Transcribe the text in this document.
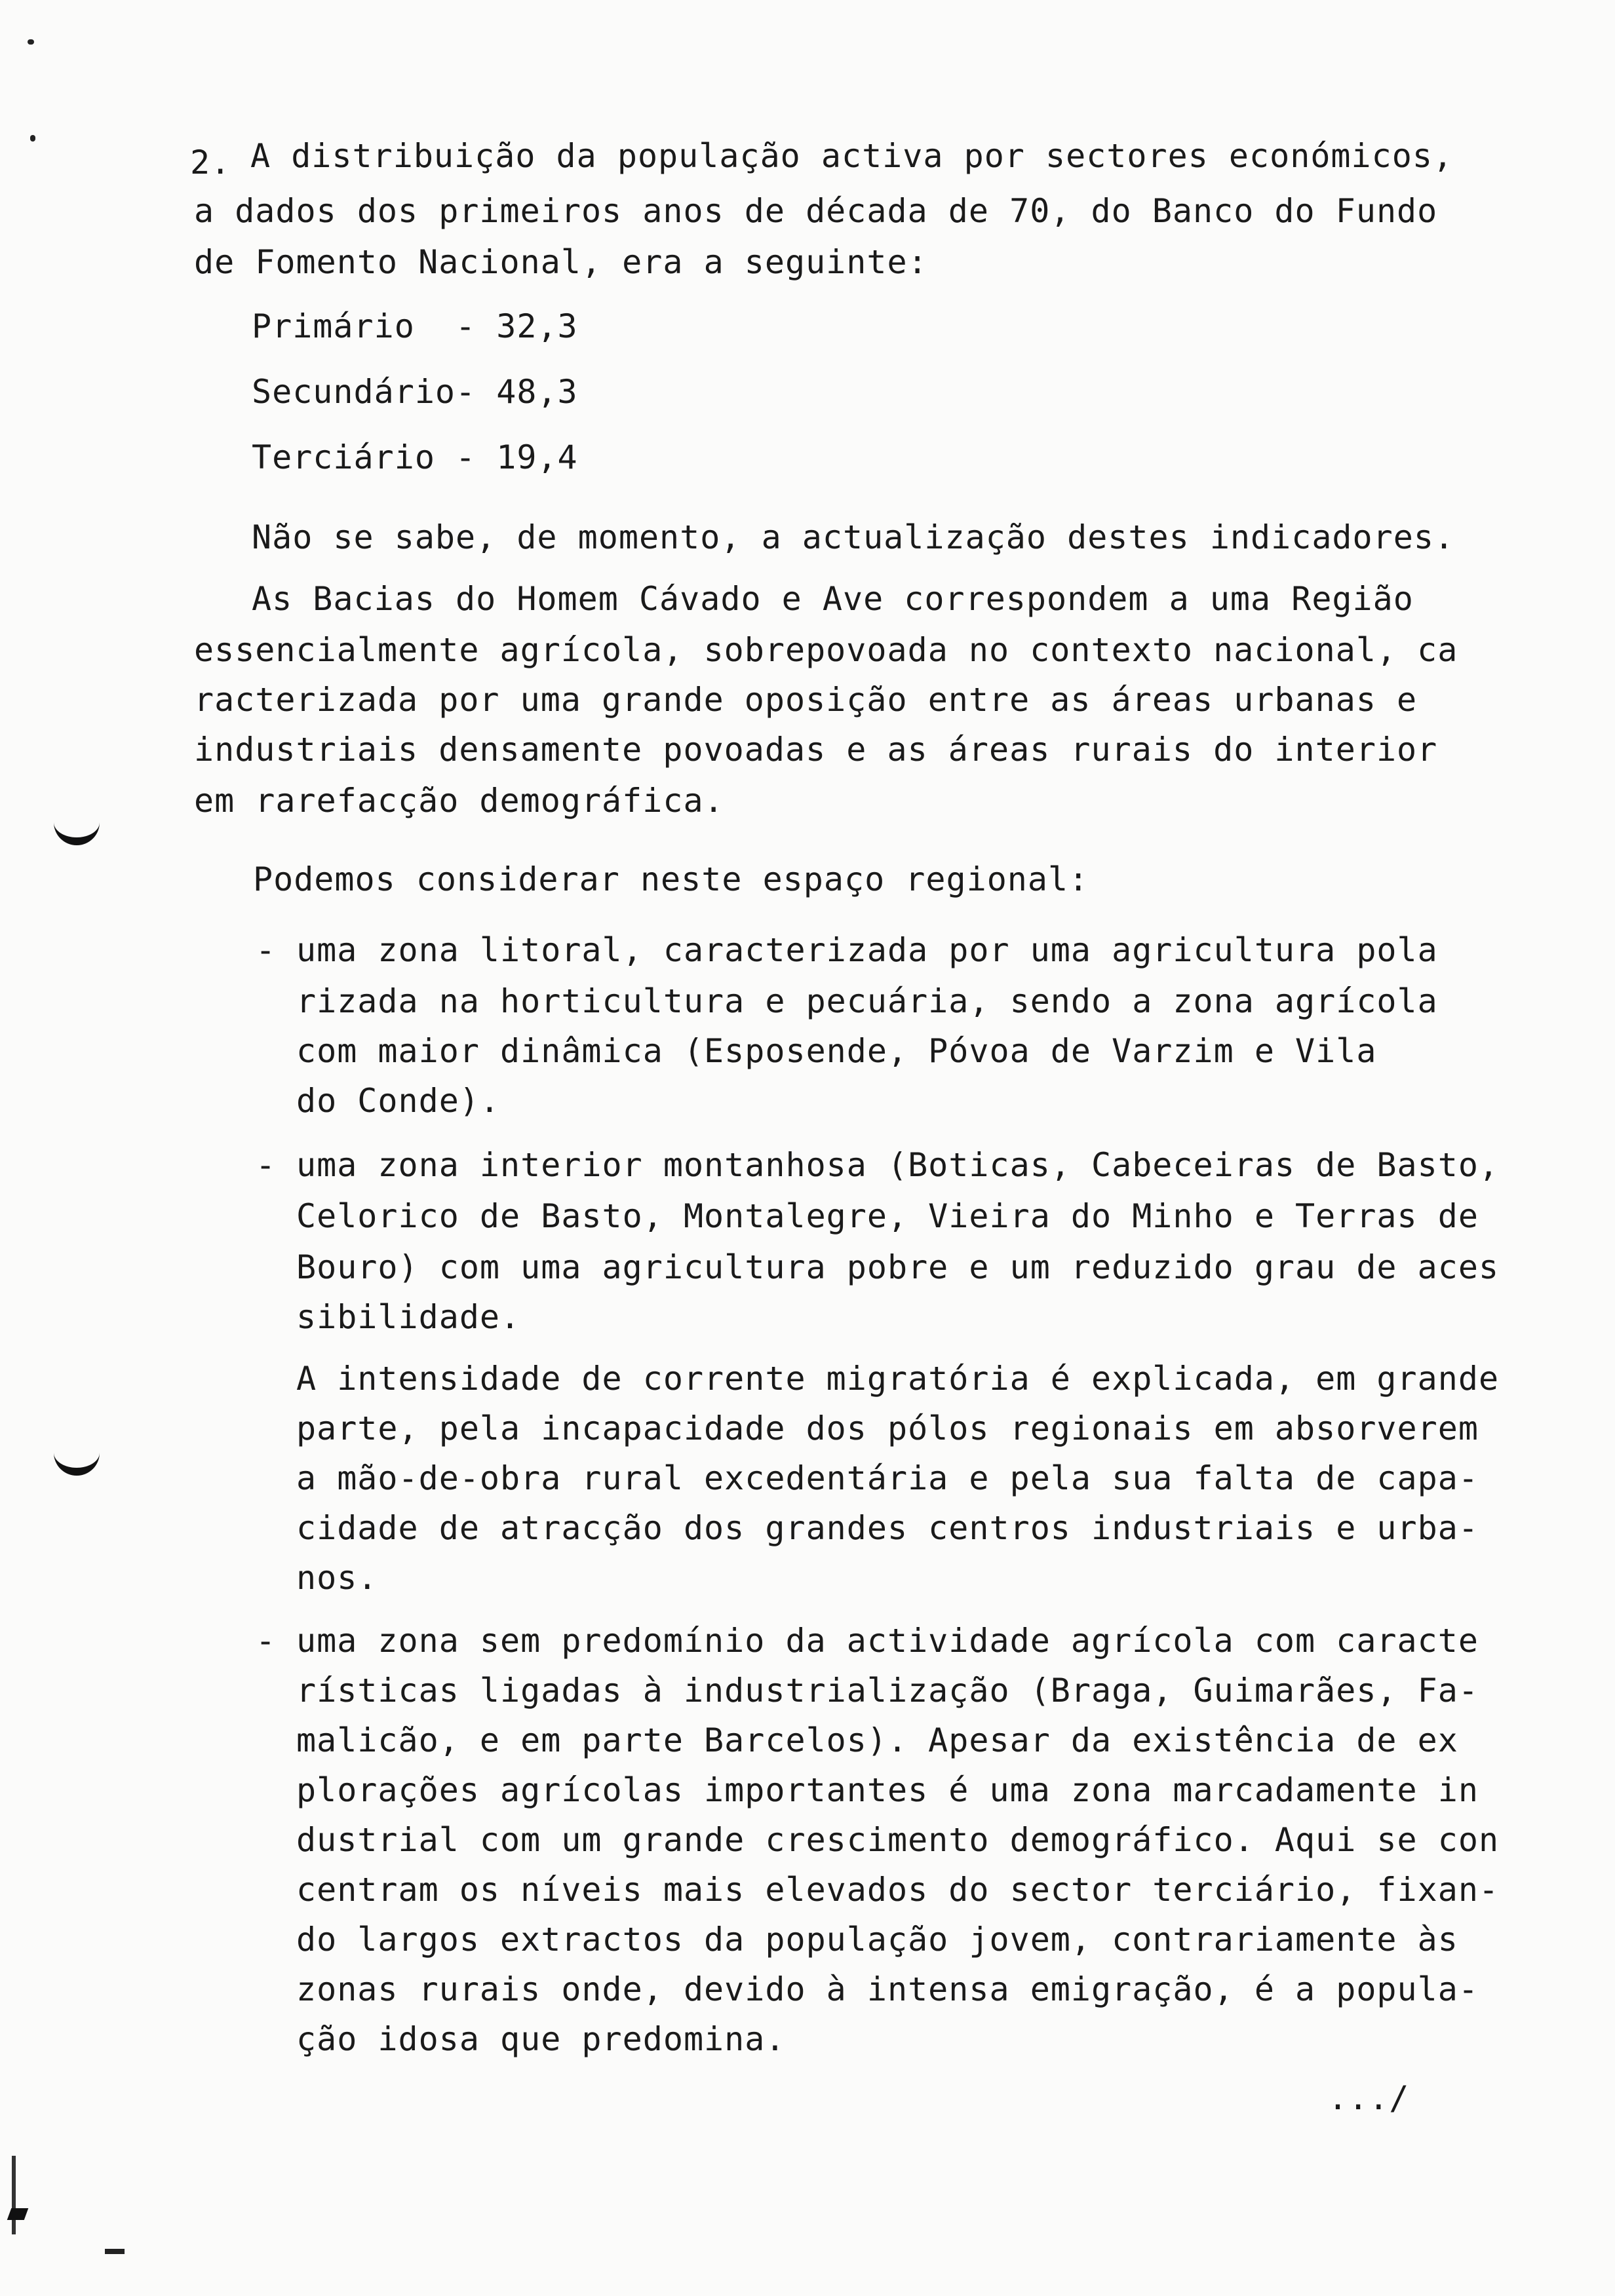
2. A distribuição da população activa por sectores económicos,
a dados dos primeiros anos de década de 70, do Banco do Fundo
de Fomento Nacional, era a seguinte:
Primário  - 32,3
Secundário- 48,3
Terciário - 19,4
Não se sabe, de momento, a actualização destes indicadores.
As Bacias do Homem Cávado e Ave correspondem a uma Região
essencialmente agrícola, sobrepovoada no contexto nacional, ca
racterizada por uma grande oposição entre as áreas urbanas e
industriais densamente povoadas e as áreas rurais do interior
em rarefacção demográfica.
Podemos considerar neste espaço regional:
- uma zona litoral, caracterizada por uma agricultura pola
rizada na horticultura e pecuária, sendo a zona agrícola
com maior dinâmica (Esposende, Póvoa de Varzim e Vila
do Conde).
- uma zona interior montanhosa (Boticas, Cabeceiras de Basto,
Celorico de Basto, Montalegre, Vieira do Minho e Terras de
Bouro) com uma agricultura pobre e um reduzido grau de aces
sibilidade.
A intensidade de corrente migratória é explicada, em grande
parte, pela incapacidade dos pólos regionais em absorverem
a mão-de-obra rural excedentária e pela sua falta de capa-
cidade de atracção dos grandes centros industriais e urba-
nos.
- uma zona sem predomínio da actividade agrícola com caracte
rísticas ligadas à industrialização (Braga, Guimarães, Fa-
malicão, e em parte Barcelos). Apesar da existência de ex
plorações agrícolas importantes é uma zona marcadamente in
dustrial com um grande crescimento demográfico. Aqui se con
centram os níveis mais elevados do sector terciário, fixan-
do largos extractos da população jovem, contrariamente às
zonas rurais onde, devido à intensa emigração, é a popula-
ção idosa que predomina.
.../
